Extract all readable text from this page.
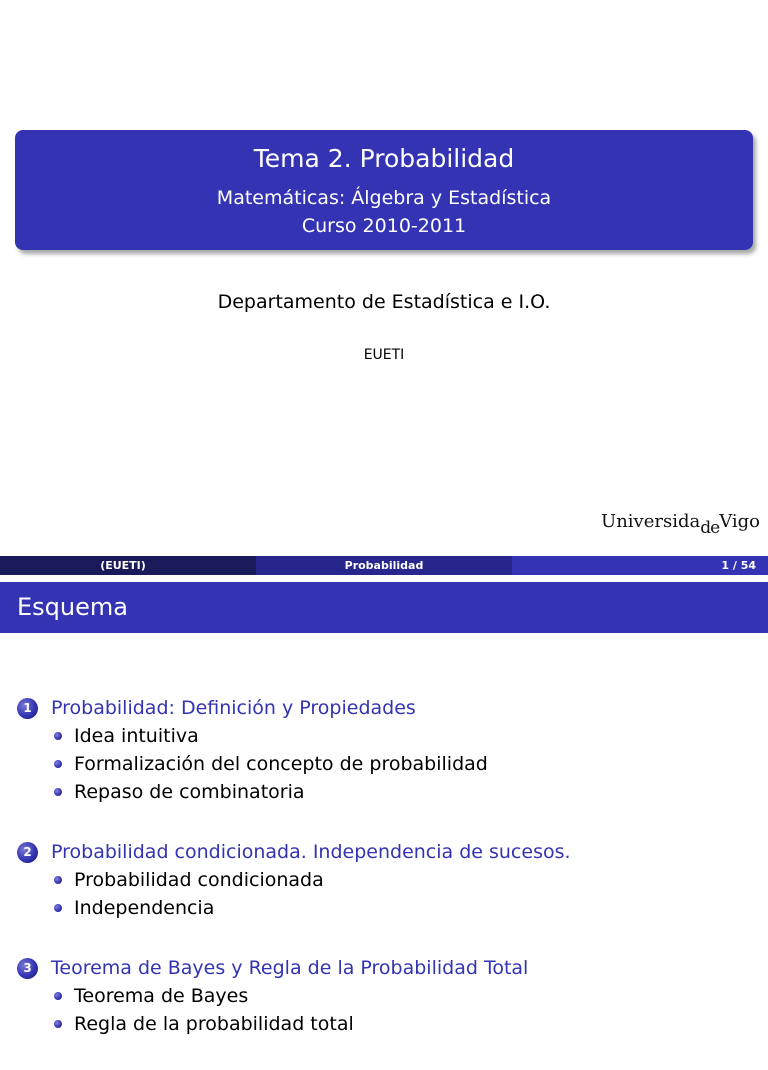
Tema 2. Probabilidad
Matemáticas: Álgebra y Estadística
Curso 2010-2011
Departamento de Estadística e I.O.
EUETI
UniversidadeVigo
(EUETI)	Probabilidad	1 / 54
Esquema
1	Probabilidad: Definición y Propiedades
Idea intuitiva
Formalización del concepto de probabilidad
Repaso de combinatoria
2	Probabilidad condicionada. Independencia de sucesos.
Probabilidad condicionada
Independencia
3	Teorema de Bayes y Regla de la Probabilidad Total
Teorema de Bayes
Regla de la probabilidad total
